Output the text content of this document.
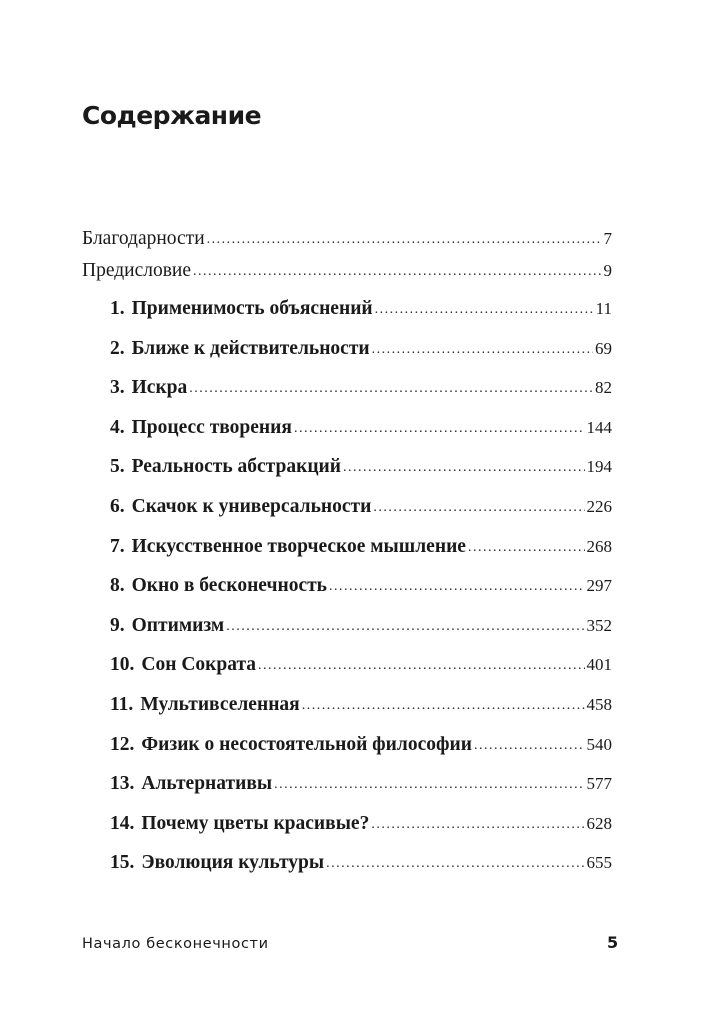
Содержание
Благодарности .....	7
Предисловие .....	9
1. Применимость объяснений .....	11
2. Ближе к действительности .....	69
3. Искра .....	82
4. Процесс творения .....	144
5. Реальность абстракций .....	194
6. Скачок к универсальности .....	226
7. Искусственное творческое мышление .....	268
8. Окно в бесконечность .....	297
9. Оптимизм .....	352
10. Сон Сократа .....	401
11. Мультивселенная .....	458
12. Физик о несостоятельной философии .....	540
13. Альтернативы .....	577
14. Почему цветы красивые? .....	628
15. Эволюция культуры .....	655
Начало бесконечности	5
